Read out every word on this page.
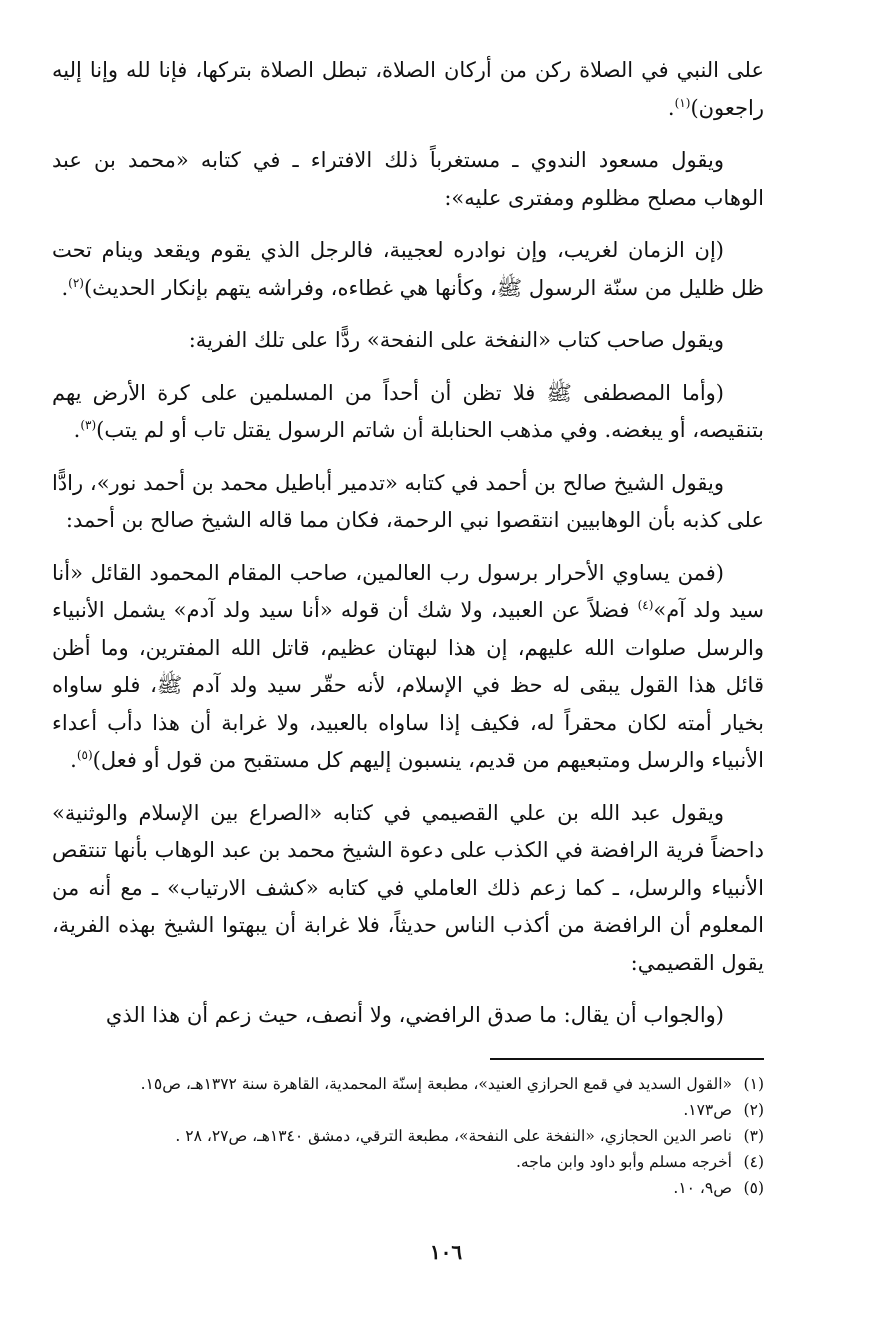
على النبي في الصلاة ركن من أركان الصلاة، تبطل الصلاة بتركها، فإنا لله وإنا إليه راجعون)$^{(١)}$.

ويقول مسعود الندوي ـ مستغرباً ذلك الافتراء ـ في كتابه «محمد بن عبد الوهاب مصلح مظلوم ومفترى عليه»:

(إن الزمان لغريب، وإن نوادره لعجيبة، فالرجل الذي يقوم ويقعد وينام تحت ظل ظليل من سنّة الرسول ﷺ، وكأنها هي غطاءه، وفراشه يتهم بإنكار الحديث)$^{(٢)}$.

ويقول صاحب كتاب «النفخة على النفحة» ردًّا على تلك الفرية:

(وأما المصطفى ﷺ فلا تظن أن أحداً من المسلمين على كرة الأرض يهم بتنقيصه، أو يبغضه. وفي مذهب الحنابلة أن شاتم الرسول يقتل تاب أو لم يتب)$^{(٣)}$.

ويقول الشيخ صالح بن أحمد في كتابه «تدمير أباطيل محمد بن أحمد نور»، رادًّا على كذبه بأن الوهابيين انتقصوا نبي الرحمة، فكان مما قاله الشيخ صالح بن أحمد:

(فمن يساوي الأحرار برسول رب العالمين، صاحب المقام المحمود القائل «أنا سيد ولد آم»$^{(٤)}$ فضلاً عن العبيد، ولا شك أن قوله «أنا سيد ولد آدم» يشمل الأنبياء والرسل صلوات الله عليهم، إن هذا لبهتان عظيم، قاتل الله المفترين، وما أظن قائل هذا القول يبقى له حظ في الإسلام، لأنه حقّر سيد ولد آدم ﷺ، فلو ساواه بخيار أمته لكان محقراً له، فكيف إذا ساواه بالعبيد، ولا غرابة أن هذا دأب أعداء الأنبياء والرسل ومتبعيهم من قديم، ينسبون إليهم كل مستقبح من قول أو فعل)$^{(٥)}$.

ويقول عبد الله بن علي القصيمي في كتابه «الصراع بين الإسلام والوثنية» داحضاً فرية الرافضة في الكذب على دعوة الشيخ محمد بن عبد الوهاب بأنها تنتقص الأنبياء والرسل، ـ كما زعم ذلك العاملي في كتابه «كشف الارتياب» ـ مع أنه من المعلوم أن الرافضة من أكذب الناس حديثاً، فلا غرابة أن يبهتوا الشيخ بهذه الفرية، يقول القصيمي:

(والجواب أن يقال: ما صدق الرافضي، ولا أنصف، حيث زعم أن هذا الذي

(١)
«القول السديد في قمع الحرازي العنيد»، مطبعة إسنّة المحمدية، القاهرة سنة ١٣٧٢هـ، ص١٥.
(٢)
ص١٧٣.
(٣)
ناصر الدين الحجازي، «النفخة على النفحة»، مطبعة الترقي، دمشق ١٣٤٠هـ، ص٢٧، ٢٨ .
(٤)
أخرجه مسلم وأبو داود وابن ماجه.
(٥)
ص٩، ١٠.
١٠٦
